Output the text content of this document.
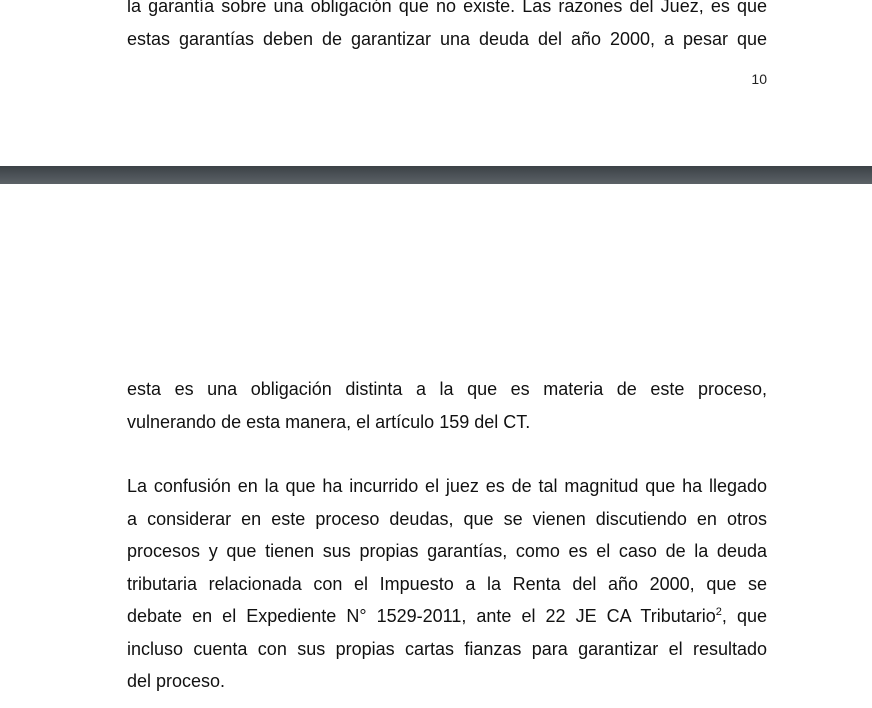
la garantía sobre una obligación que no existe. Las razones del Juez, es que
estas garantías deben de garantizar una deuda del año 2000, a pesar que
10
esta es una obligación distinta a la que es materia de este proceso,
vulnerando de esta manera, el artículo 159 del CT.
La confusión en la que ha incurrido el juez es de tal magnitud que ha llegado
a considerar en este proceso deudas, que se vienen discutiendo en otros
procesos y que tienen sus propias garantías, como es el caso de la deuda
tributaria relacionada con el Impuesto a la Renta del año 2000, que se
debate en el Expediente N° 1529-2011, ante el 22 JE CA Tributario$^2$, que
incluso cuenta con sus propias cartas fianzas para garantizar el resultado
del proceso.
